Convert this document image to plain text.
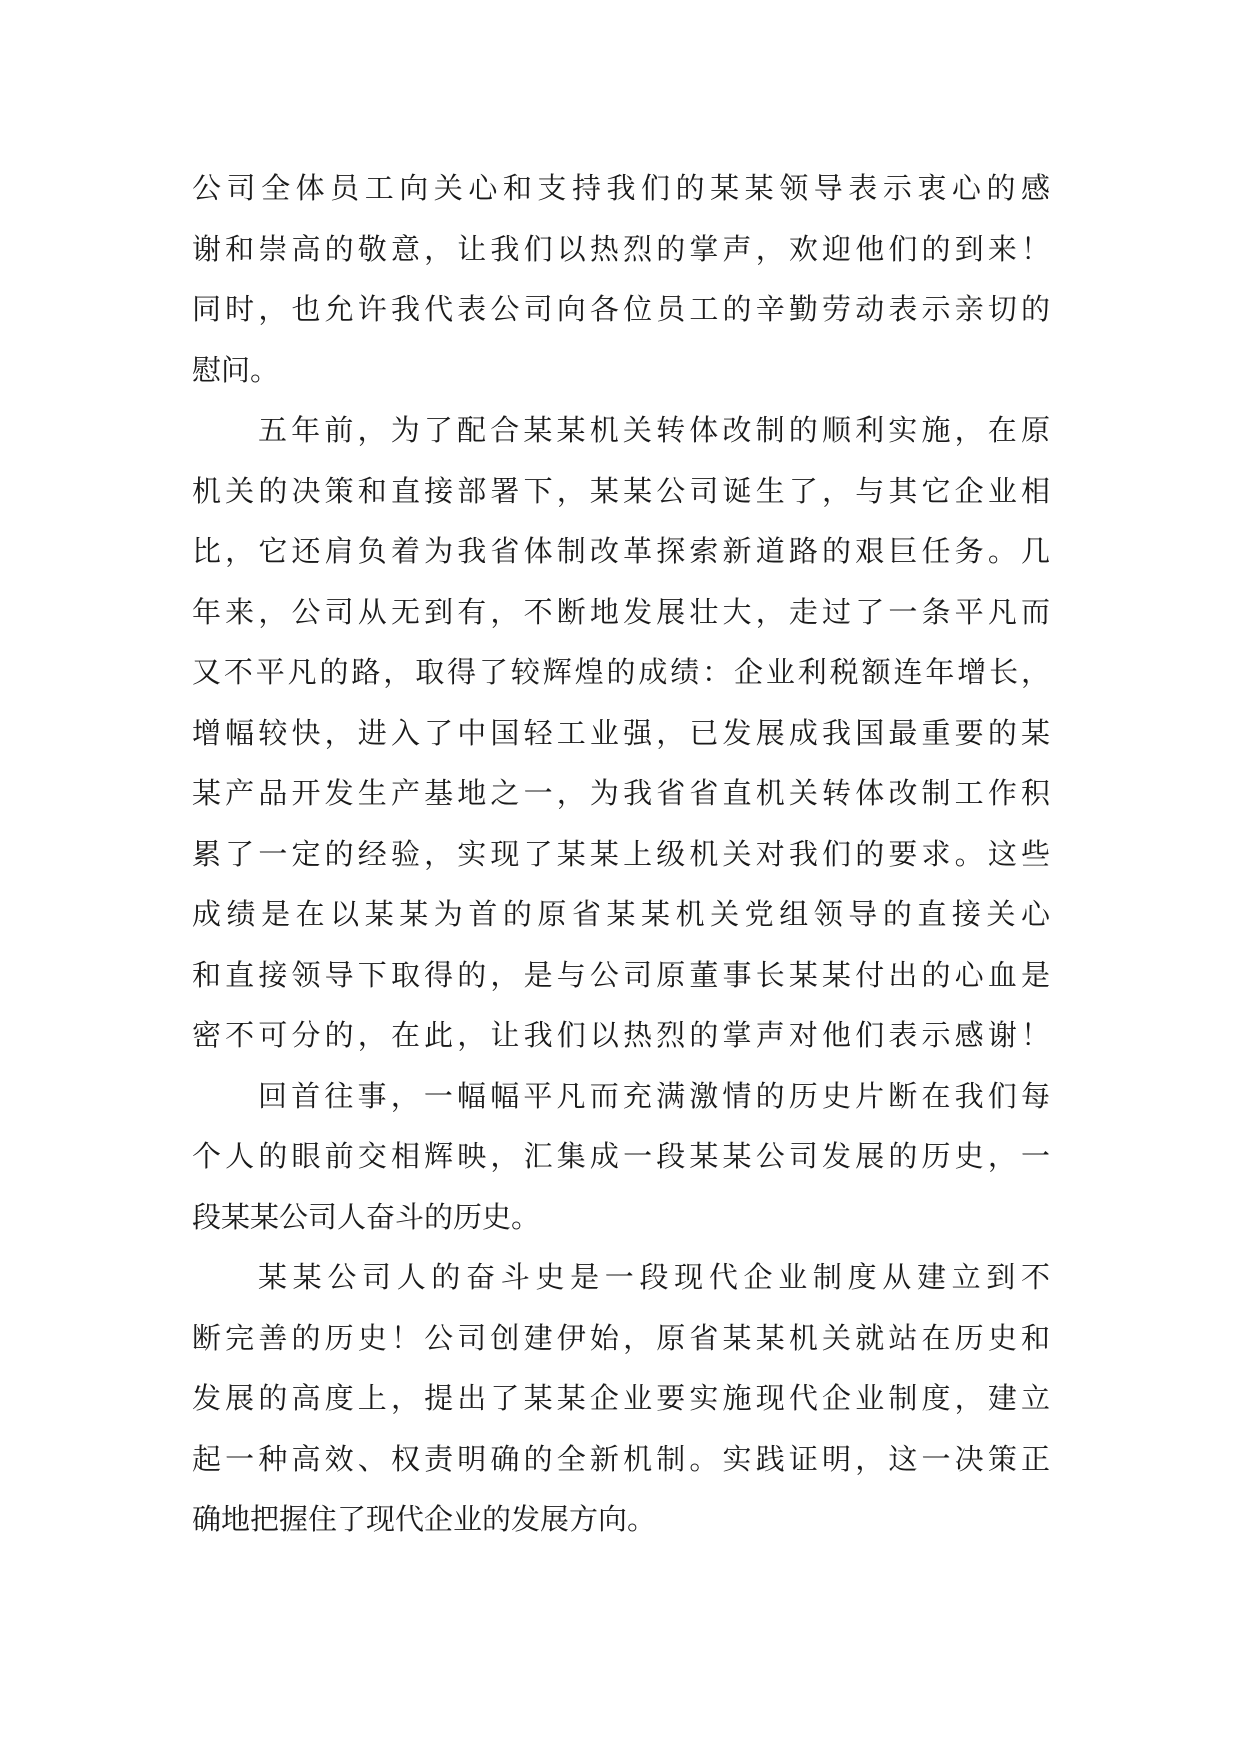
公司全体员工向关心和支持我们的某某领导表示衷心的感
谢和崇高的敬意，让我们以热烈的掌声，欢迎他们的到来！
同时，也允许我代表公司向各位员工的辛勤劳动表示亲切的
慰问。
五年前，为了配合某某机关转体改制的顺利实施，在原
机关的决策和直接部署下，某某公司诞生了，与其它企业相
比，它还肩负着为我省体制改革探索新道路的艰巨任务。几
年来，公司从无到有，不断地发展壮大，走过了一条平凡而
又不平凡的路，取得了较辉煌的成绩：企业利税额连年增长，
增幅较快，进入了中国轻工业强，已发展成我国最重要的某
某产品开发生产基地之一，为我省省直机关转体改制工作积
累了一定的经验，实现了某某上级机关对我们的要求。这些
成绩是在以某某为首的原省某某机关党组领导的直接关心
和直接领导下取得的，是与公司原董事长某某付出的心血是
密不可分的，在此，让我们以热烈的掌声对他们表示感谢！
回首往事，一幅幅平凡而充满激情的历史片断在我们每
个人的眼前交相辉映，汇集成一段某某公司发展的历史，一
段某某公司人奋斗的历史。
某某公司人的奋斗史是一段现代企业制度从建立到不
断完善的历史！公司创建伊始，原省某某机关就站在历史和
发展的高度上，提出了某某企业要实施现代企业制度，建立
起一种高效、权责明确的全新机制。实践证明，这一决策正
确地把握住了现代企业的发展方向。
